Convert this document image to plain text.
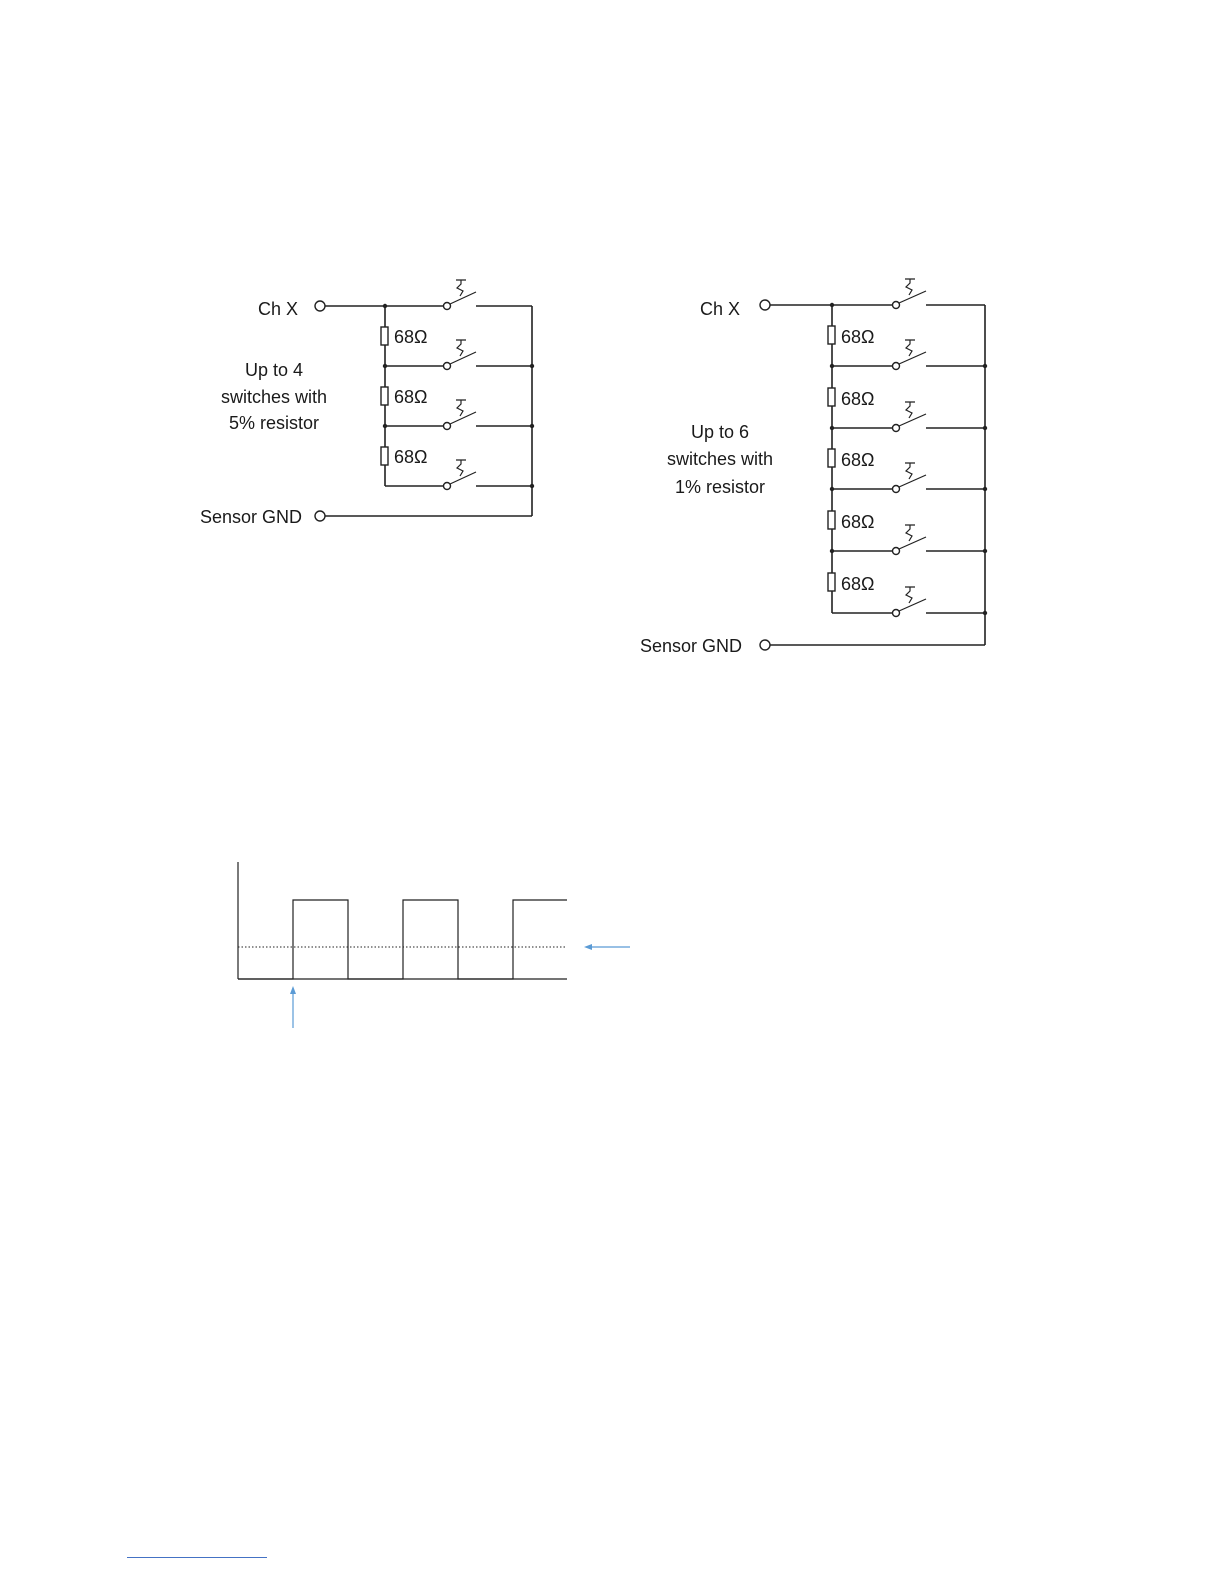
Ch X
Up to 4
switches with
5% resistor
Sensor GND
68Ω
68Ω
68Ω
Ch X
Up to 6
switches with
1% resistor
Sensor GND
68Ω
68Ω
68Ω
68Ω
68Ω
